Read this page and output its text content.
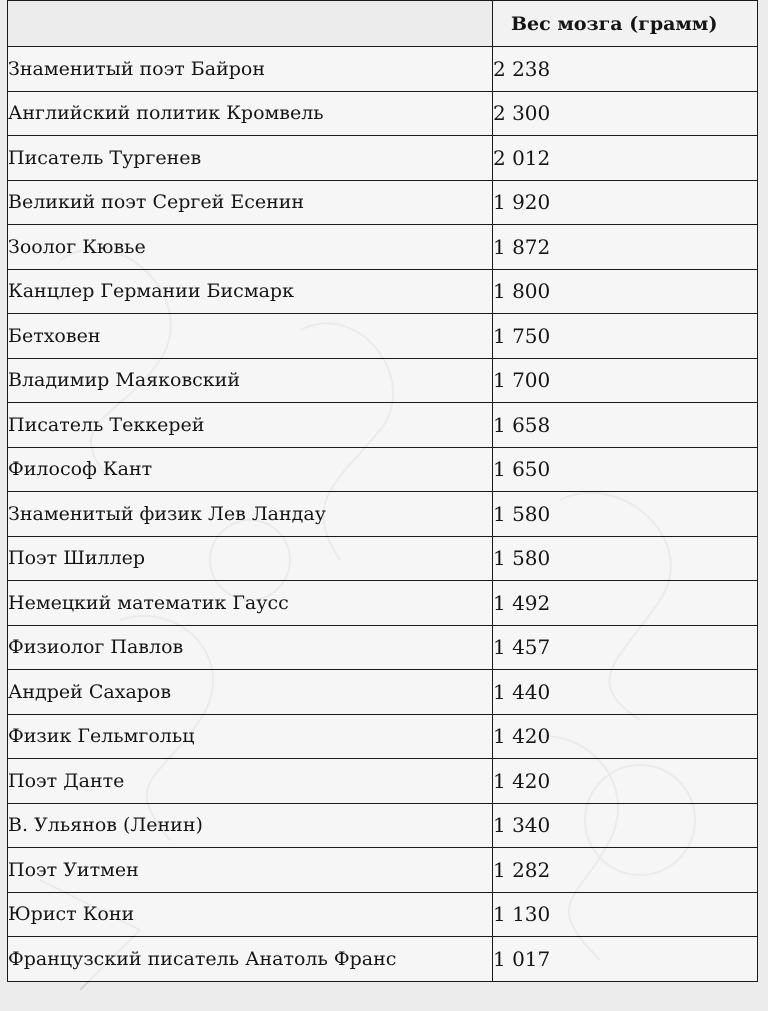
	Вес мозга (грамм)
Знаменитый поэт Байрон	2 238
Английский политик Кромвель	2 300
Писатель Тургенев	2 012
Великий поэт Сергей Есенин	1 920
Зоолог Кювье	1 872
Канцлер Германии Бисмарк	1 800
Бетховен	1 750
Владимир Маяковский	1 700
Писатель Теккерей	1 658
Философ Кант	1 650
Знаменитый физик Лев Ландау	1 580
Поэт Шиллер	1 580
Немецкий математик Гаусс	1 492
Физиолог Павлов	1 457
Андрей Сахаров	1 440
Физик Гельмгольц	1 420
Поэт Данте	1 420
В. Ульянов (Ленин)	1 340
Поэт Уитмен	1 282
Юрист Кони	1 130
Французский писатель Анатоль Франс	1 017
